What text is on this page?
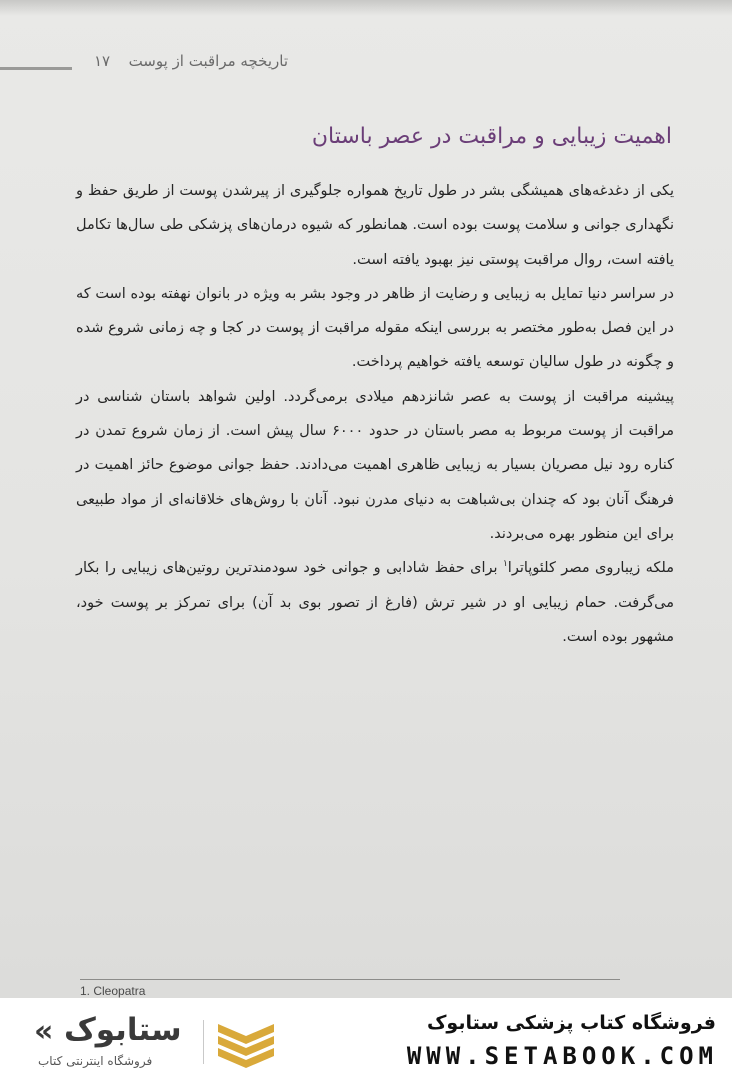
۱۷ تاریخچه مراقبت از پوست
اهمیت زیبایی و مراقبت در عصر باستان

یکی از دغدغه‌های همیشگی بشر در طول تاریخ همواره جلوگیری از پیرشدن پوست از طریق حفظ و نگهداری جوانی و سلامت پوست بوده است. همانطور که شیوه درمان‌های پزشکی طی سال‌ها تکامل یافته است، روال مراقبت پوستی نیز بهبود یافته است.

در سراسر دنیا تمایل به زیبایی و رضایت از ظاهر در وجود بشر به ویژه در بانوان نهفته بوده است که در این فصل به‌طور مختصر به بررسی اینکه مقوله مراقبت از پوست در کجا و چه زمانی شروع شده و چگونه در طول سالیان توسعه یافته خواهیم پرداخت.

پیشینه مراقبت از پوست به عصر شانزدهم میلادی برمی‌گردد. اولین شواهد باستان شناسی در مراقبت از پوست مربوط به مصر باستان در حدود ۶۰۰۰ سال پیش است. از زمان شروع تمدن در کناره رود نیل مصریان بسیار به زیبایی ظاهری اهمیت می‌دادند. حفظ جوانی موضوع حائز اهمیت در فرهنگ آنان بود که چندان بی‌شباهت به دنیای مدرن نبود. آنان با روش‌های خلاقانه‌ای از مواد طبیعی برای این منظور بهره می‌بردند.

ملکه زیباروی مصر کلئوپاترا$^۱$ برای حفظ شادابی و جوانی خود سودمندترین روتین‌های زیبایی را بکار می‌گرفت. حمام زیبایی او در شیر ترش (فارغ از تصور بوی بد آن) برای تمرکز بر پوست خود، مشهور بوده است.

1. Cleopatra
فروشگاه کتاب پزشکی ستابوک
WWW.SETABOOK.COM
« ستابوک
فروشگاه اینترنتی کتاب
